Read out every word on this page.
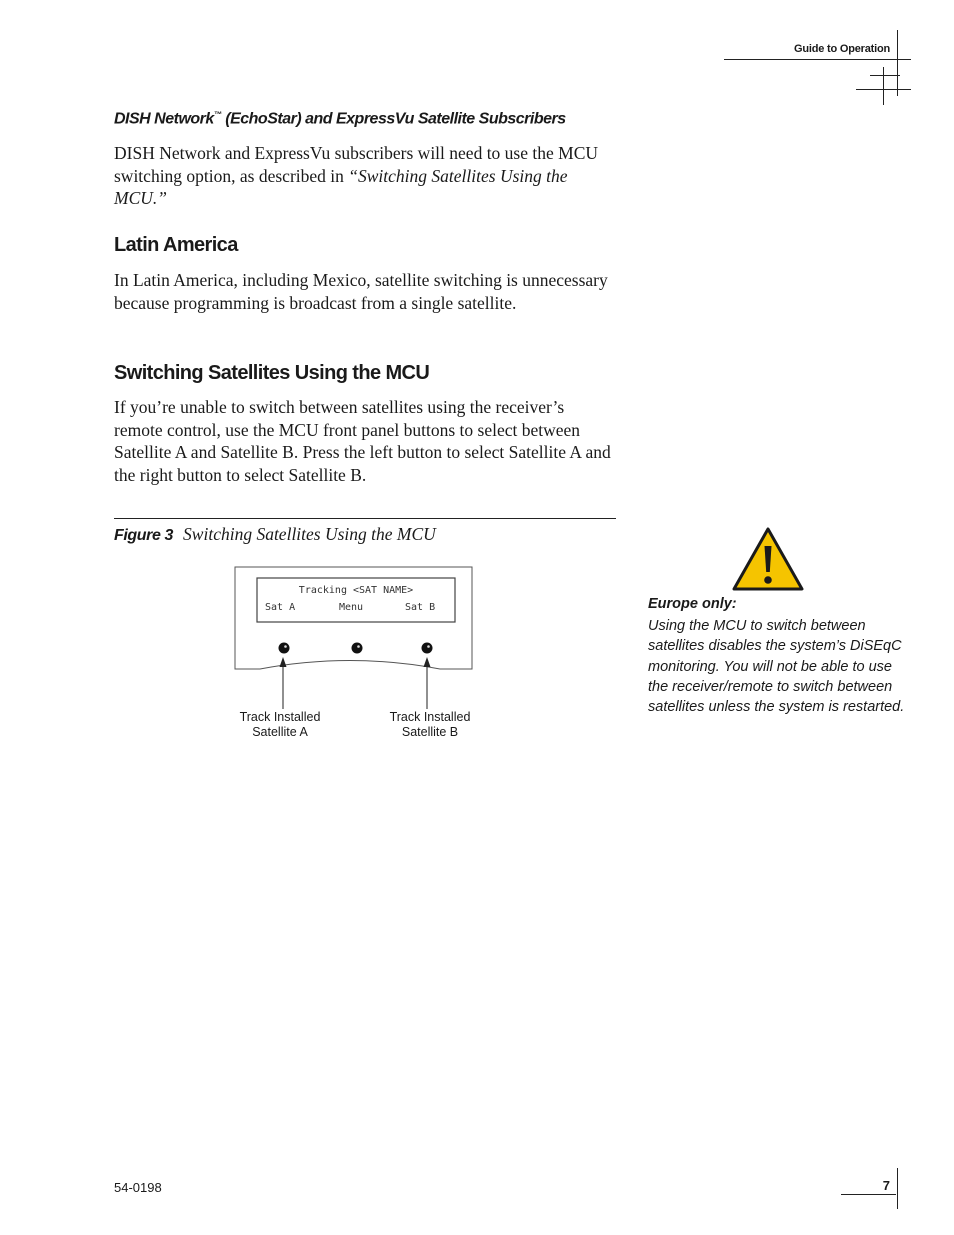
Guide to Operation
DISH Network™ (EchoStar) and ExpressVu Satellite Subscribers
DISH Network and ExpressVu subscribers will need to use the MCU switching option, as described in “Switching Satellites Using the MCU.”
Latin America
In Latin America, including Mexico, satellite switching is unnecessary because programming is broadcast from a single satellite.
Switching Satellites Using the MCU
If you’re unable to switch between satellites using the receiver’s remote control, use the MCU front panel buttons to select between Satellite A and Satellite B. Press the left button to select Satellite A and the right button to select Satellite B.
Figure 3 Switching Satellites Using the MCU
Tracking <SAT NAME>
Sat A	Menu	Sat B
Track Installed
Satellite A
Track Installed
Satellite B
Europe only:
Using the MCU to switch between satellites disables the system’s DiSEqC monitoring. You will not be able to use the receiver/remote to switch between satellites unless the system is restarted.
54-0198	7
